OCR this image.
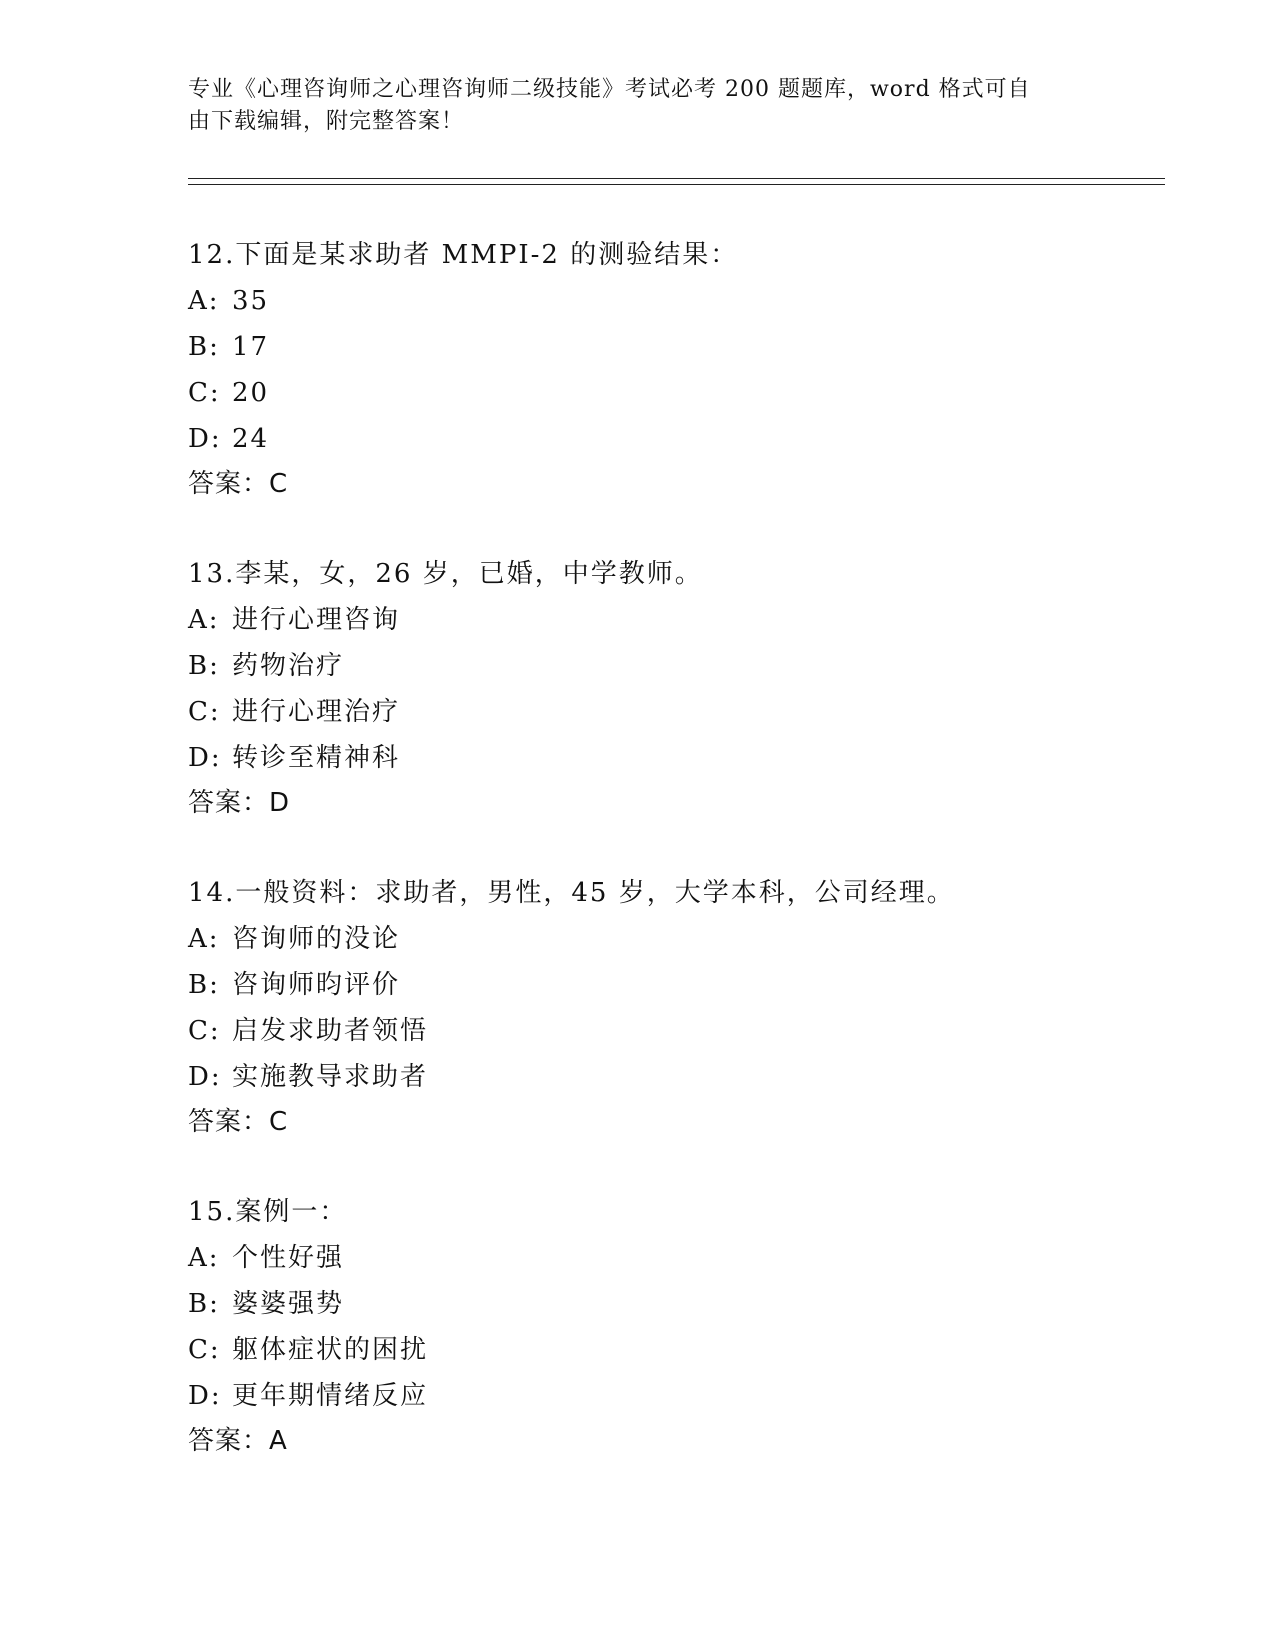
专业《心理咨询师之心理咨询师二级技能》考试必考 200 题题库，word 格式可自
由下载编辑，附完整答案！
12.下面是某求助者 MMPI-2 的测验结果：
A: 35
B: 17
C: 20
D: 24
答案：C
13.李某，女，26 岁，已婚，中学教师。
A: 进行心理咨询
B: 药物治疗
C: 进行心理治疗
D: 转诊至精神科
答案：D
14.一般资料：求助者，男性，45 岁，大学本科，公司经理。
A: 咨询师的没论
B: 咨询师昀评价
C: 启发求助者领悟
D: 实施教导求助者
答案：C
15.案例一：
A: 个性好强
B: 婆婆强势
C: 躯体症状的困扰
D: 更年期情绪反应
答案：A
